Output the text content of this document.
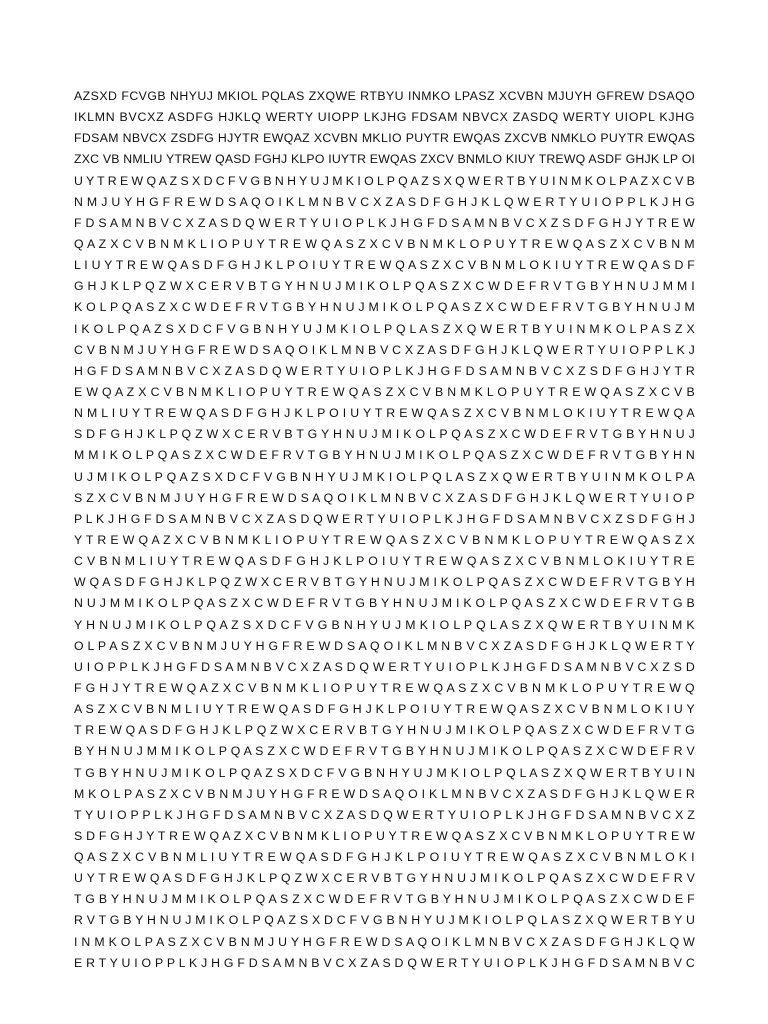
AZSXD FCVGB NHYUJ MKIOL PQLAS ZXQWE RTBYU INMKO LPASZ XCVBN MJUYH GFREW DSAQO
IKLMN BVCXZ ASDFG HJKLQ WERTY UIOPP LKJHG FDSAM NBVCX ZASDQ WERTY UIOPL KJHG
FDSAM NBVCX ZSDFG HJYTR EWQAZ XCVBN MKLIO PUYTR EWQAS ZXCVB NMKLO PUYTR EWQAS
ZXC VB NMLIU YTREW QASD FGHJ KLPO IUYTR EWQAS ZXCV BNMLO KIUY TREWQ ASDF GHJK LP OI
U Y T R E W Q A Z S X D C F V G B N H Y U J M K I O L P Q A Z S X Q W E R T B Y U I N M K O L P A Z X C V B
N M J U Y H G F R E W D S A Q O I K L M N B V C X Z A S D F G H J K L Q W E R T Y U I O P P L K J H G
F D S A M N B V C X Z A S D Q W E R T Y U I O P L K J H G F D S A M N B V C X Z S D F G H J Y T R E W
Q A Z X C V B N M K L I O P U Y T R E W Q A S Z X C V B N M K L O P U Y T R E W Q A S Z X C V B N M
L I U Y T R E W Q A S D F G H J K L P O I U Y T R E W Q A S Z X C V B N M L O K I U Y T R E W Q A S D F
G H J K L P Q Z W X C E R V B T G Y H N U J M I K O L P Q A S Z X C W D E F R V T G B Y H N U J M M I
K O L P Q A S Z X C W D E F R V T G B Y H N U J M I K O L P Q A S Z X C W D E F R V T G B Y H N U J M
I K O L P Q A Z S X D C F V G B N H Y U J M K I O L P Q L A S Z X Q W E R T B Y U I N M K O L P A S Z X
C V B N M J U Y H G F R E W D S A Q O I K L M N B V C X Z A S D F G H J K L Q W E R T Y U I O P P L K J
H G F D S A M N B V C X Z A S D Q W E R T Y U I O P L K J H G F D S A M N B V C X Z S D F G H J Y T R
E W Q A Z X C V B N M K L I O P U Y T R E W Q A S Z X C V B N M K L O P U Y T R E W Q A S Z X C V B
N M L I U Y T R E W Q A S D F G H J K L P O I U Y T R E W Q A S Z X C V B N M L O K I U Y T R E W Q A
S D F G H J K L P Q Z W X C E R V B T G Y H N U J M I K O L P Q A S Z X C W D E F R V T G B Y H N U J
M M I K O L P Q A S Z X C W D E F R V T G B Y H N U J M I K O L P Q A S Z X C W D E F R V T G B Y H N
U J M I K O L P Q A Z S X D C F V G B N H Y U J M K I O L P Q L A S Z X Q W E R T B Y U I N M K O L P A
S Z X C V B N M J U Y H G F R E W D S A Q O I K L M N B V C X Z A S D F G H J K L Q W E R T Y U I O P
P L K J H G F D S A M N B V C X Z A S D Q W E R T Y U I O P L K J H G F D S A M N B V C X Z S D F G H J
Y T R E W Q A Z X C V B N M K L I O P U Y T R E W Q A S Z X C V B N M K L O P U Y T R E W Q A S Z X
C V B N M L I U Y T R E W Q A S D F G H J K L P O I U Y T R E W Q A S Z X C V B N M L O K I U Y T R E
W Q A S D F G H J K L P Q Z W X C E R V B T G Y H N U J M I K O L P Q A S Z X C W D E F R V T G B Y H
N U J M M I K O L P Q A S Z X C W D E F R V T G B Y H N U J M I K O L P Q A S Z X C W D E F R V T G B
Y H N U J M I K O L P Q A Z S X D C F V G B N H Y U J M K I O L P Q L A S Z X Q W E R T B Y U I N M K
O L P A S Z X C V B N M J U Y H G F R E W D S A Q O I K L M N B V C X Z A S D F G H J K L Q W E R T Y
U I O P P L K J H G F D S A M N B V C X Z A S D Q W E R T Y U I O P L K J H G F D S A M N B V C X Z S D
F G H J Y T R E W Q A Z X C V B N M K L I O P U Y T R E W Q A S Z X C V B N M K L O P U Y T R E W Q
A S Z X C V B N M L I U Y T R E W Q A S D F G H J K L P O I U Y T R E W Q A S Z X C V B N M L O K I U Y
T R E W Q A S D F G H J K L P Q Z W X C E R V B T G Y H N U J M I K O L P Q A S Z X C W D E F R V T G
B Y H N U J M M I K O L P Q A S Z X C W D E F R V T G B Y H N U J M I K O L P Q A S Z X C W D E F R V
T G B Y H N U J M I K O L P Q A Z S X D C F V G B N H Y U J M K I O L P Q L A S Z X Q W E R T B Y U I N
M K O L P A S Z X C V B N M J U Y H G F R E W D S A Q O I K L M N B V C X Z A S D F G H J K L Q W E R
T Y U I O P P L K J H G F D S A M N B V C X Z A S D Q W E R T Y U I O P L K J H G F D S A M N B V C X Z
S D F G H J Y T R E W Q A Z X C V B N M K L I O P U Y T R E W Q A S Z X C V B N M K L O P U Y T R E W
Q A S Z X C V B N M L I U Y T R E W Q A S D F G H J K L P O I U Y T R E W Q A S Z X C V B N M L O K I
U Y T R E W Q A S D F G H J K L P Q Z W X C E R V B T G Y H N U J M I K O L P Q A S Z X C W D E F R V
T G B Y H N U J M M I K O L P Q A S Z X C W D E F R V T G B Y H N U J M I K O L P Q A S Z X C W D E F
R V T G B Y H N U J M I K O L P Q A Z S X D C F V G B N H Y U J M K I O L P Q L A S Z X Q W E R T B Y U
I N M K O L P A S Z X C V B N M J U Y H G F R E W D S A Q O I K L M N B V C X Z A S D F G H J K L Q W
E R T Y U I O P P L K J H G F D S A M N B V C X Z A S D Q W E R T Y U I O P L K J H G F D S A M N B V C
